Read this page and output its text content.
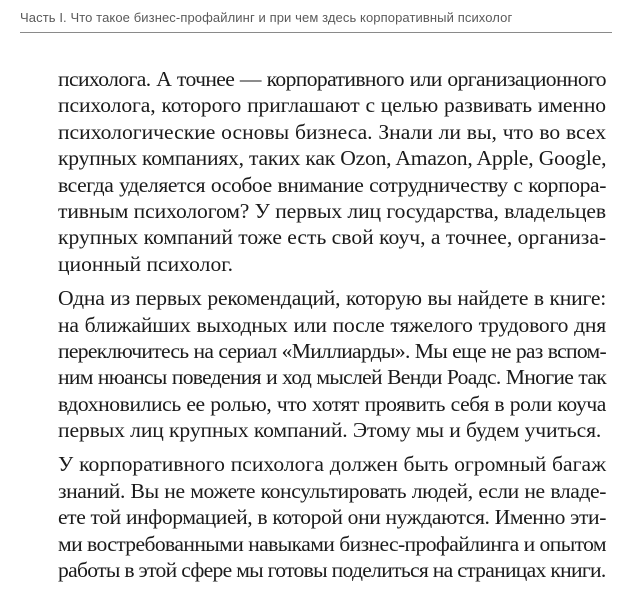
Часть I. Что такое бизнес-профайлинг и при чем здесь корпоративный психолог
психолога. А точнее — корпоративного или организационного
психолога, которого приглашают с целью развивать именно
психологические основы бизнеса. Знали ли вы, что во всех
крупных компаниях, таких как Ozon, Amazon, Apple, Google,
всегда уделяется особое внимание сотрудничеству с корпора-
тивным психологом? У первых лиц государства, владельцев
крупных компаний тоже есть свой коуч, а точнее, организа-
ционный психолог.
Одна из первых рекомендаций, которую вы найдете в книге:
на ближайших выходных или после тяжелого трудового дня
переключитесь на сериал «Миллиарды». Мы еще не раз вспом-
ним нюансы поведения и ход мыслей Венди Роадс. Многие так
вдохновились ее ролью, что хотят проявить себя в роли коуча
первых лиц крупных компаний. Этому мы и будем учиться.
У корпоративного психолога должен быть огромный багаж
знаний. Вы не можете консультировать людей, если не владе-
ете той информацией, в которой они нуждаются. Именно эти-
ми востребованными навыками бизнес-профайлинга и опытом
работы в этой сфере мы готовы поделиться на страницах книги.
